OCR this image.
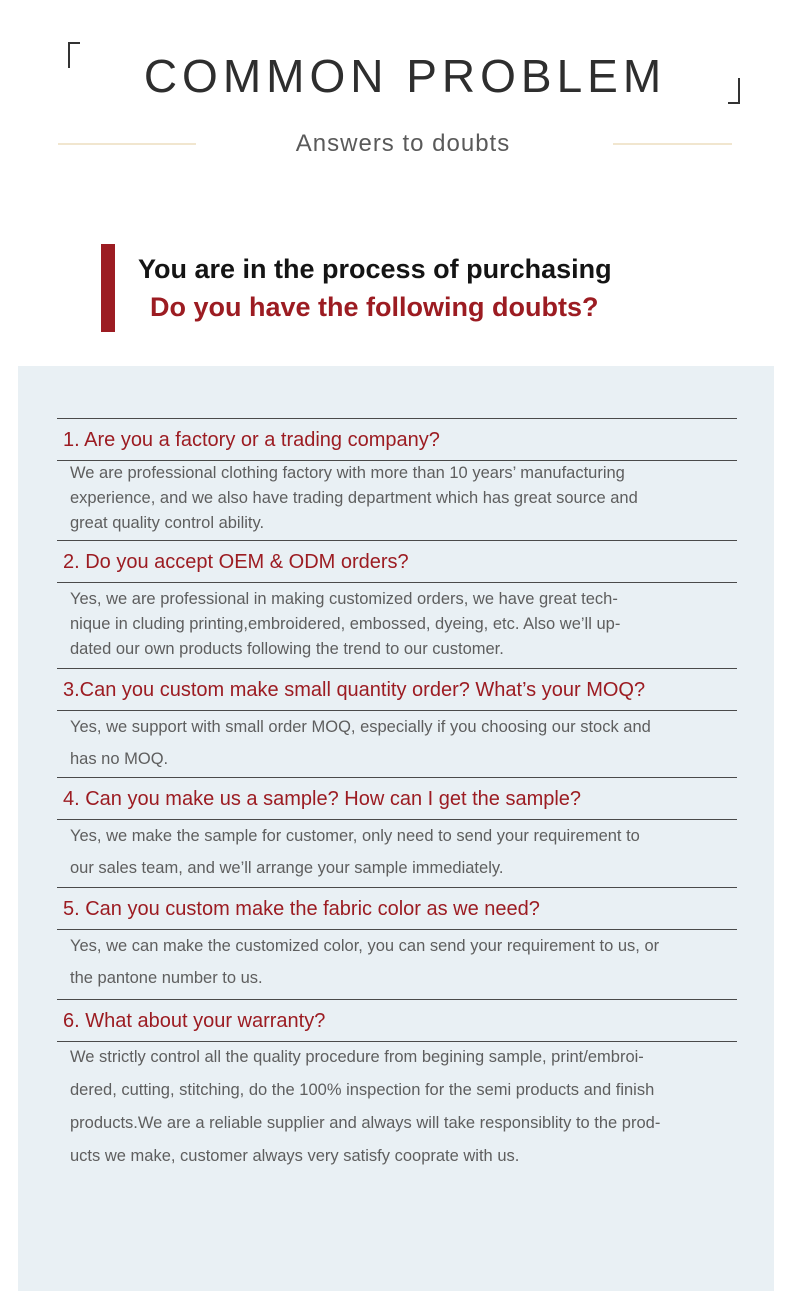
COMMON PROBLEM
Answers to doubts
You are in the process of purchasing
Do you have the following doubts?
1. Are you a factory or a trading company?
We are professional clothing factory with more than 10 years’ manufacturing
experience, and we also have trading department which has great source and
great quality control ability.
2. Do you accept OEM & ODM orders?
Yes, we are professional in making customized orders, we have great tech-
nique in cluding printing,embroidered, embossed, dyeing, etc. Also we’ll up-
dated our own products following the trend to our customer.
3.Can you custom make small quantity order? What’s your MOQ?
Yes, we support with small order MOQ, especially if you choosing our stock and
has no MOQ.
4. Can you make us a sample? How can I get the sample?
Yes, we make the sample for customer, only need to send your requirement to
our sales team, and we’ll arrange your sample immediately.
5. Can you custom make the fabric color as we need?
Yes, we can make the customized color, you can send your requirement to us, or
the pantone number to us.
6. What about your warranty?
We strictly control all the quality procedure from begining sample, print/embroi-
dered, cutting, stitching, do the 100% inspection for the semi products and finish
products.We are a reliable supplier and always will take responsiblity to the prod-
ucts we make, customer always very satisfy cooprate with us.
